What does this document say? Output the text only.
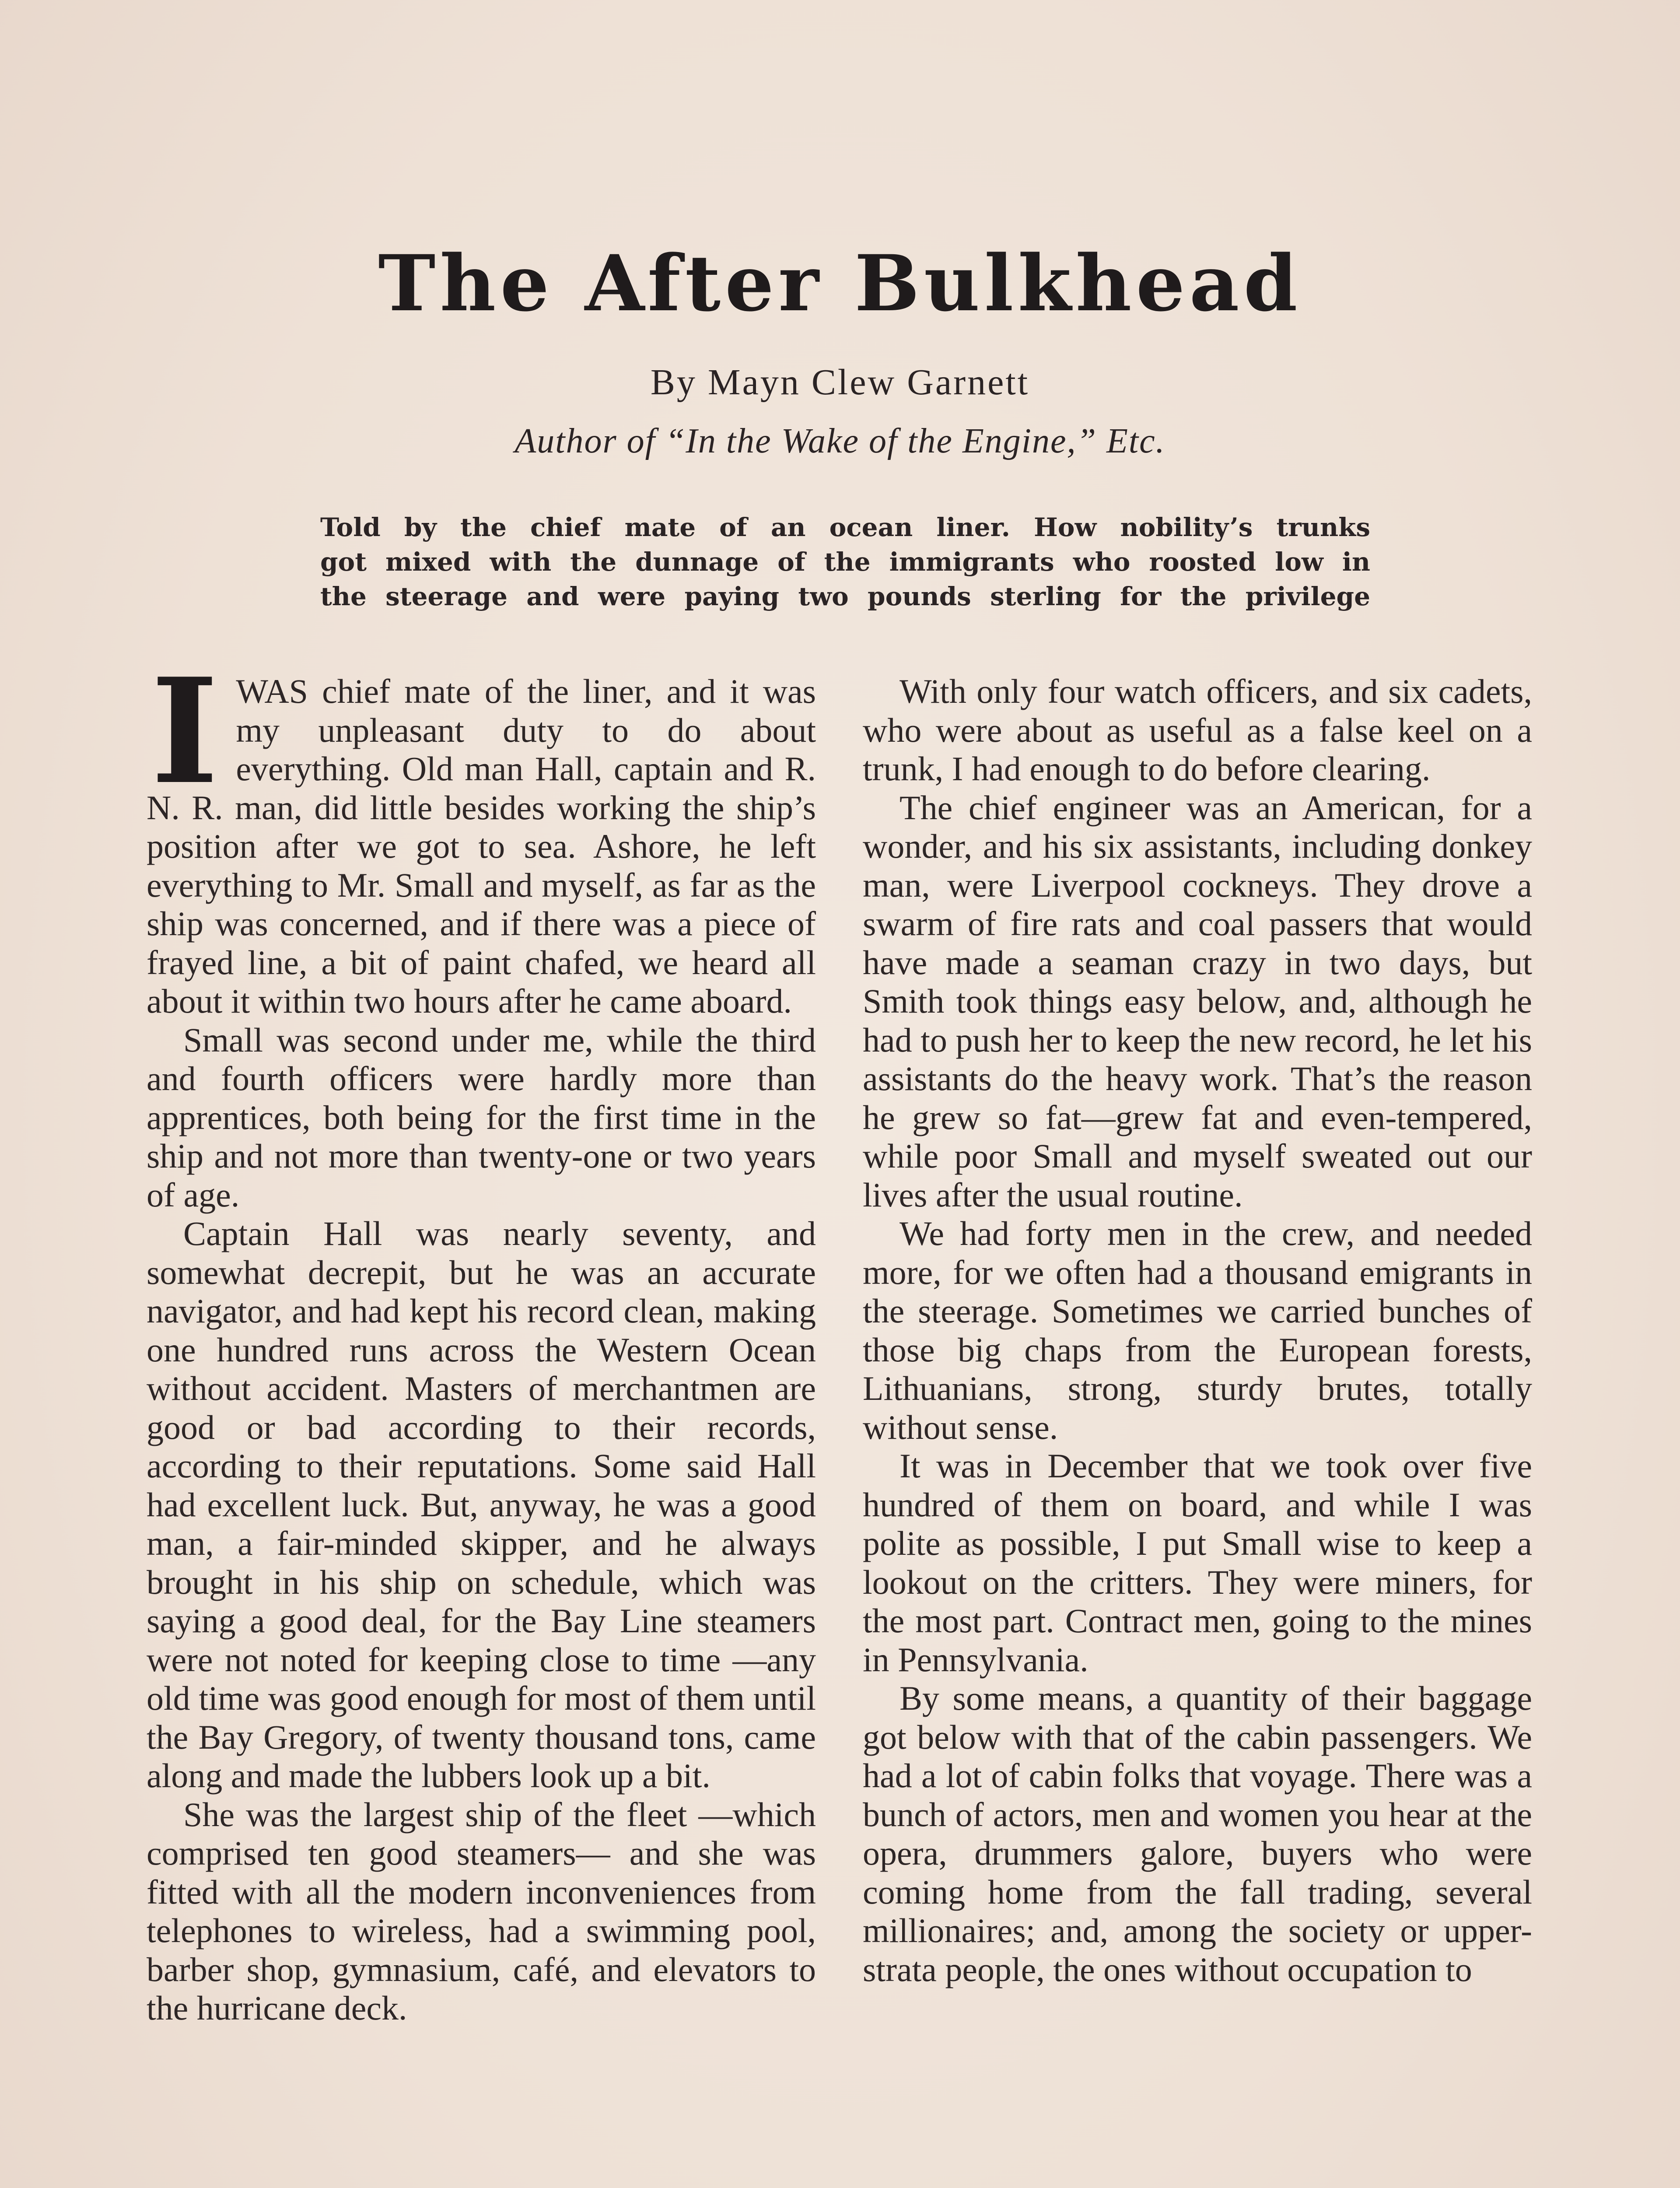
The After Bulkhead
By Mayn Clew Garnett
Author of “In the Wake of the Engine,” Etc.
Told by the chief mate of an ocean liner. How nobility’s trunks
got mixed with the dunnage of the immigrants who roosted low in
the steerage and were paying two pounds sterling for the privilege

IWAS chief mate of the liner, and it was my unpleasant duty to do about everything. Old man Hall, captain and R. N. R. man, did little besides working the ship’s position after we got to sea. Ashore, he left everything to Mr. Small and myself, as far as the ship was concerned, and if there was a piece of frayed line, a bit of paint chafed, we heard all about it within two hours after he came aboard.

Small was second under me, while the third and fourth officers were hardly more than apprentices, both being for the first time in the ship and not more than twenty-one or two years of age.

Captain Hall was nearly seventy, and somewhat decrepit, but he was an accurate navigator, and had kept his record clean, making one hundred runs across the Western Ocean without accident. Masters of merchantmen are good or bad according to their records, according to their reputations. Some said Hall had excellent luck. But, anyway, he was a good man, a fair-minded skipper, and he always brought in his ship on schedule, which was saying a good deal, for the Bay Line steamers were not noted for keeping close to time —any old time was good enough for most of them until the Bay Gregory, of twenty thousand tons, came along and made the lubbers look up a bit.

She was the largest ship of the fleet —which comprised ten good steamers— and she was fitted with all the modern inconveniences from telephones to wireless, had a swimming pool, barber shop, gymnasium, café, and elevators to the hurricane deck.

With only four watch officers, and six cadets, who were about as useful as a false keel on a trunk, I had enough to do before clearing.

The chief engineer was an American, for a wonder, and his six assistants, including donkey man, were Liverpool cockneys. They drove a swarm of fire rats and coal passers that would have made a seaman crazy in two days, but Smith took things easy below, and, although he had to push her to keep the new record, he let his assistants do the heavy work. That’s the reason he grew so fat—grew fat and even-tempered, while poor Small and myself sweated out our lives after the usual routine.

We had forty men in the crew, and needed more, for we often had a thousand emigrants in the steerage. Sometimes we carried bunches of those big chaps from the European forests, Lithuanians, strong, sturdy brutes, totally without sense.

It was in December that we took over five hundred of them on board, and while I was polite as possible, I put Small wise to keep a lookout on the critters. They were miners, for the most part. Contract men, going to the mines in Pennsylvania.

By some means, a quantity of their baggage got below with that of the cabin passengers. We had a lot of cabin folks that voyage. There was a bunch of actors, men and women you hear at the opera, drummers galore, buyers who were coming home from the fall trading, several millionaires; and, among the society or upper-strata people, the ones without occupation to
